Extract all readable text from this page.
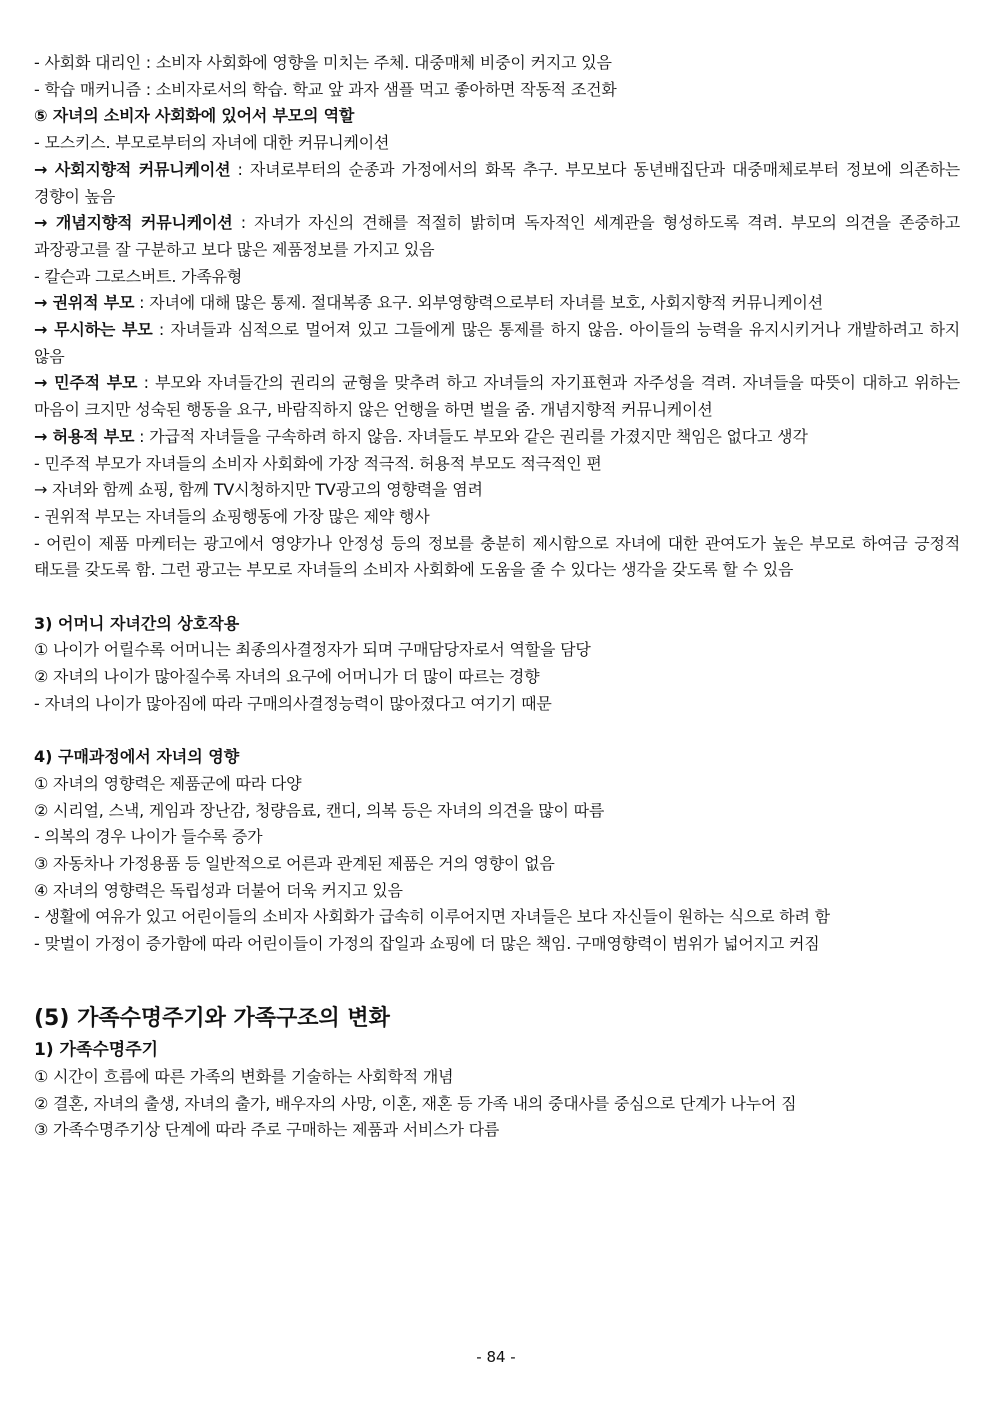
- 사회화 대리인 : 소비자 사회화에 영향을 미치는 주체. 대중매체 비중이 커지고 있음

- 학습 매커니즘 : 소비자로서의 학습. 학교 앞 과자 샘플 먹고 좋아하면 작동적 조건화

⑤ 자녀의 소비자 사회화에 있어서 부모의 역할

- 모스키스. 부모로부터의 자녀에 대한 커뮤니케이션

→ 사회지향적 커뮤니케이션 : 자녀로부터의 순종과 가정에서의 화목 추구. 부모보다 동년배집단과 대중매체로부터 정보에 의존하는 경향이 높음

→ 개념지향적 커뮤니케이션 : 자녀가 자신의 견해를 적절히 밝히며 독자적인 세계관을 형성하도록 격려. 부모의 의견을 존중하고 과장광고를 잘 구분하고 보다 많은 제품정보를 가지고 있음

- 칼슨과 그로스버트. 가족유형

→ 권위적 부모 : 자녀에 대해 많은 통제. 절대복종 요구. 외부영향력으로부터 자녀를 보호, 사회지향적 커뮤니케이션

→ 무시하는 부모 : 자녀들과 심적으로 멀어져 있고 그들에게 많은 통제를 하지 않음. 아이들의 능력을 유지시키거나 개발하려고 하지 않음

→ 민주적 부모 : 부모와 자녀들간의 권리의 균형을 맞추려 하고 자녀들의 자기표현과 자주성을 격려. 자녀들을 따뜻이 대하고 위하는 마음이 크지만 성숙된 행동을 요구, 바람직하지 않은 언행을 하면 벌을 줌. 개념지향적 커뮤니케이션

→ 허용적 부모 : 가급적 자녀들을 구속하려 하지 않음. 자녀들도 부모와 같은 권리를 가졌지만 책임은 없다고 생각

- 민주적 부모가 자녀들의 소비자 사회화에 가장 적극적. 허용적 부모도 적극적인 편

→ 자녀와 함께 쇼핑, 함께 TV시청하지만 TV광고의 영향력을 염려

- 권위적 부모는 자녀들의 쇼핑행동에 가장 많은 제약 행사

- 어린이 제품 마케터는 광고에서 영양가나 안정성 등의 정보를 충분히 제시함으로 자녀에 대한 관여도가 높은 부모로 하여금 긍정적 태도를 갖도록 함. 그런 광고는 부모로 자녀들의 소비자 사회화에 도움을 줄 수 있다는 생각을 갖도록 할 수 있음

3) 어머니 자녀간의 상호작용

① 나이가 어릴수록 어머니는 최종의사결정자가 되며 구매담당자로서 역할을 담당

② 자녀의 나이가 많아질수록 자녀의 요구에 어머니가 더 많이 따르는 경향

- 자녀의 나이가 많아짐에 따라 구매의사결정능력이 많아졌다고 여기기 때문

4) 구매과정에서 자녀의 영향

① 자녀의 영향력은 제품군에 따라 다양

② 시리얼, 스낵, 게임과 장난감, 청량음료, 캔디, 의복 등은 자녀의 의견을 많이 따름

- 의복의 경우 나이가 들수록 증가

③ 자동차나 가정용품 등 일반적으로 어른과 관계된 제품은 거의 영향이 없음

④ 자녀의 영향력은 독립성과 더불어 더욱 커지고 있음

- 생활에 여유가 있고 어린이들의 소비자 사회화가 급속히 이루어지면 자녀들은 보다 자신들이 원하는 식으로 하려 함

- 맞벌이 가정이 증가함에 따라 어린이들이 가정의 잡일과 쇼핑에 더 많은 책임. 구매영향력이 범위가 넓어지고 커짐

(5) 가족수명주기와 가족구조의 변화

1) 가족수명주기

① 시간이 흐름에 따른 가족의 변화를 기술하는 사회학적 개념

② 결혼, 자녀의 출생, 자녀의 출가, 배우자의 사망, 이혼, 재혼 등 가족 내의 중대사를 중심으로 단계가 나누어 짐

③ 가족수명주기상 단계에 따라 주로 구매하는 제품과 서비스가 다름

- 84 -
